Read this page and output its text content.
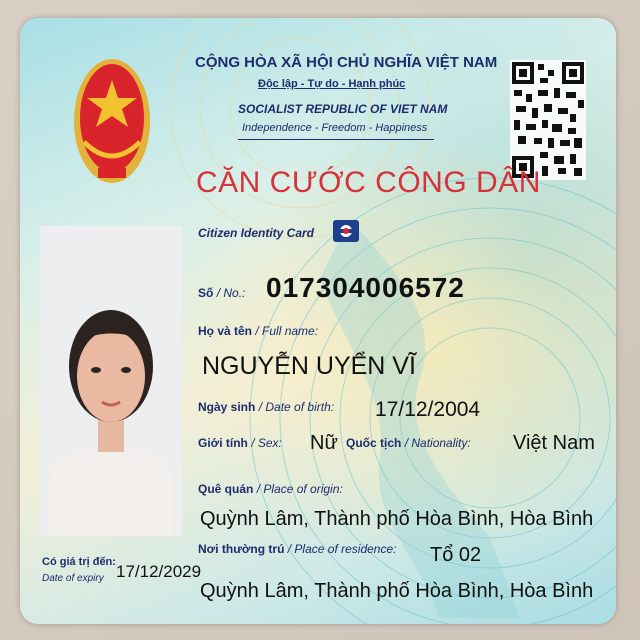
CỘNG HÒA XÃ HỘI CHỦ NGHĨA VIỆT NAM
Độc lập - Tự do - Hạnh phúc
SOCIALIST REPUBLIC OF VIET NAM
Independence - Freedom - Happiness
CĂN CƯỚC CÔNG DÂN
Citizen Identity Card
Số / No.: 017304006572
Họ và tên / Full name:
NGUYỄN UYỂN VĨ
Ngày sinh / Date of birth: 17/12/2004
Giới tính / Sex: Nữ Quốc tịch / Nationality: Việt Nam
Quê quán / Place of origin:
Quỳnh Lâm, Thành phố Hòa Bình, Hòa Bình
Nơi thường trú / Place of residence: Tổ 02
Quỳnh Lâm, Thành phố Hòa Bình, Hòa Bình
Có giá trị đến:
Date of expiry 17/12/2029
